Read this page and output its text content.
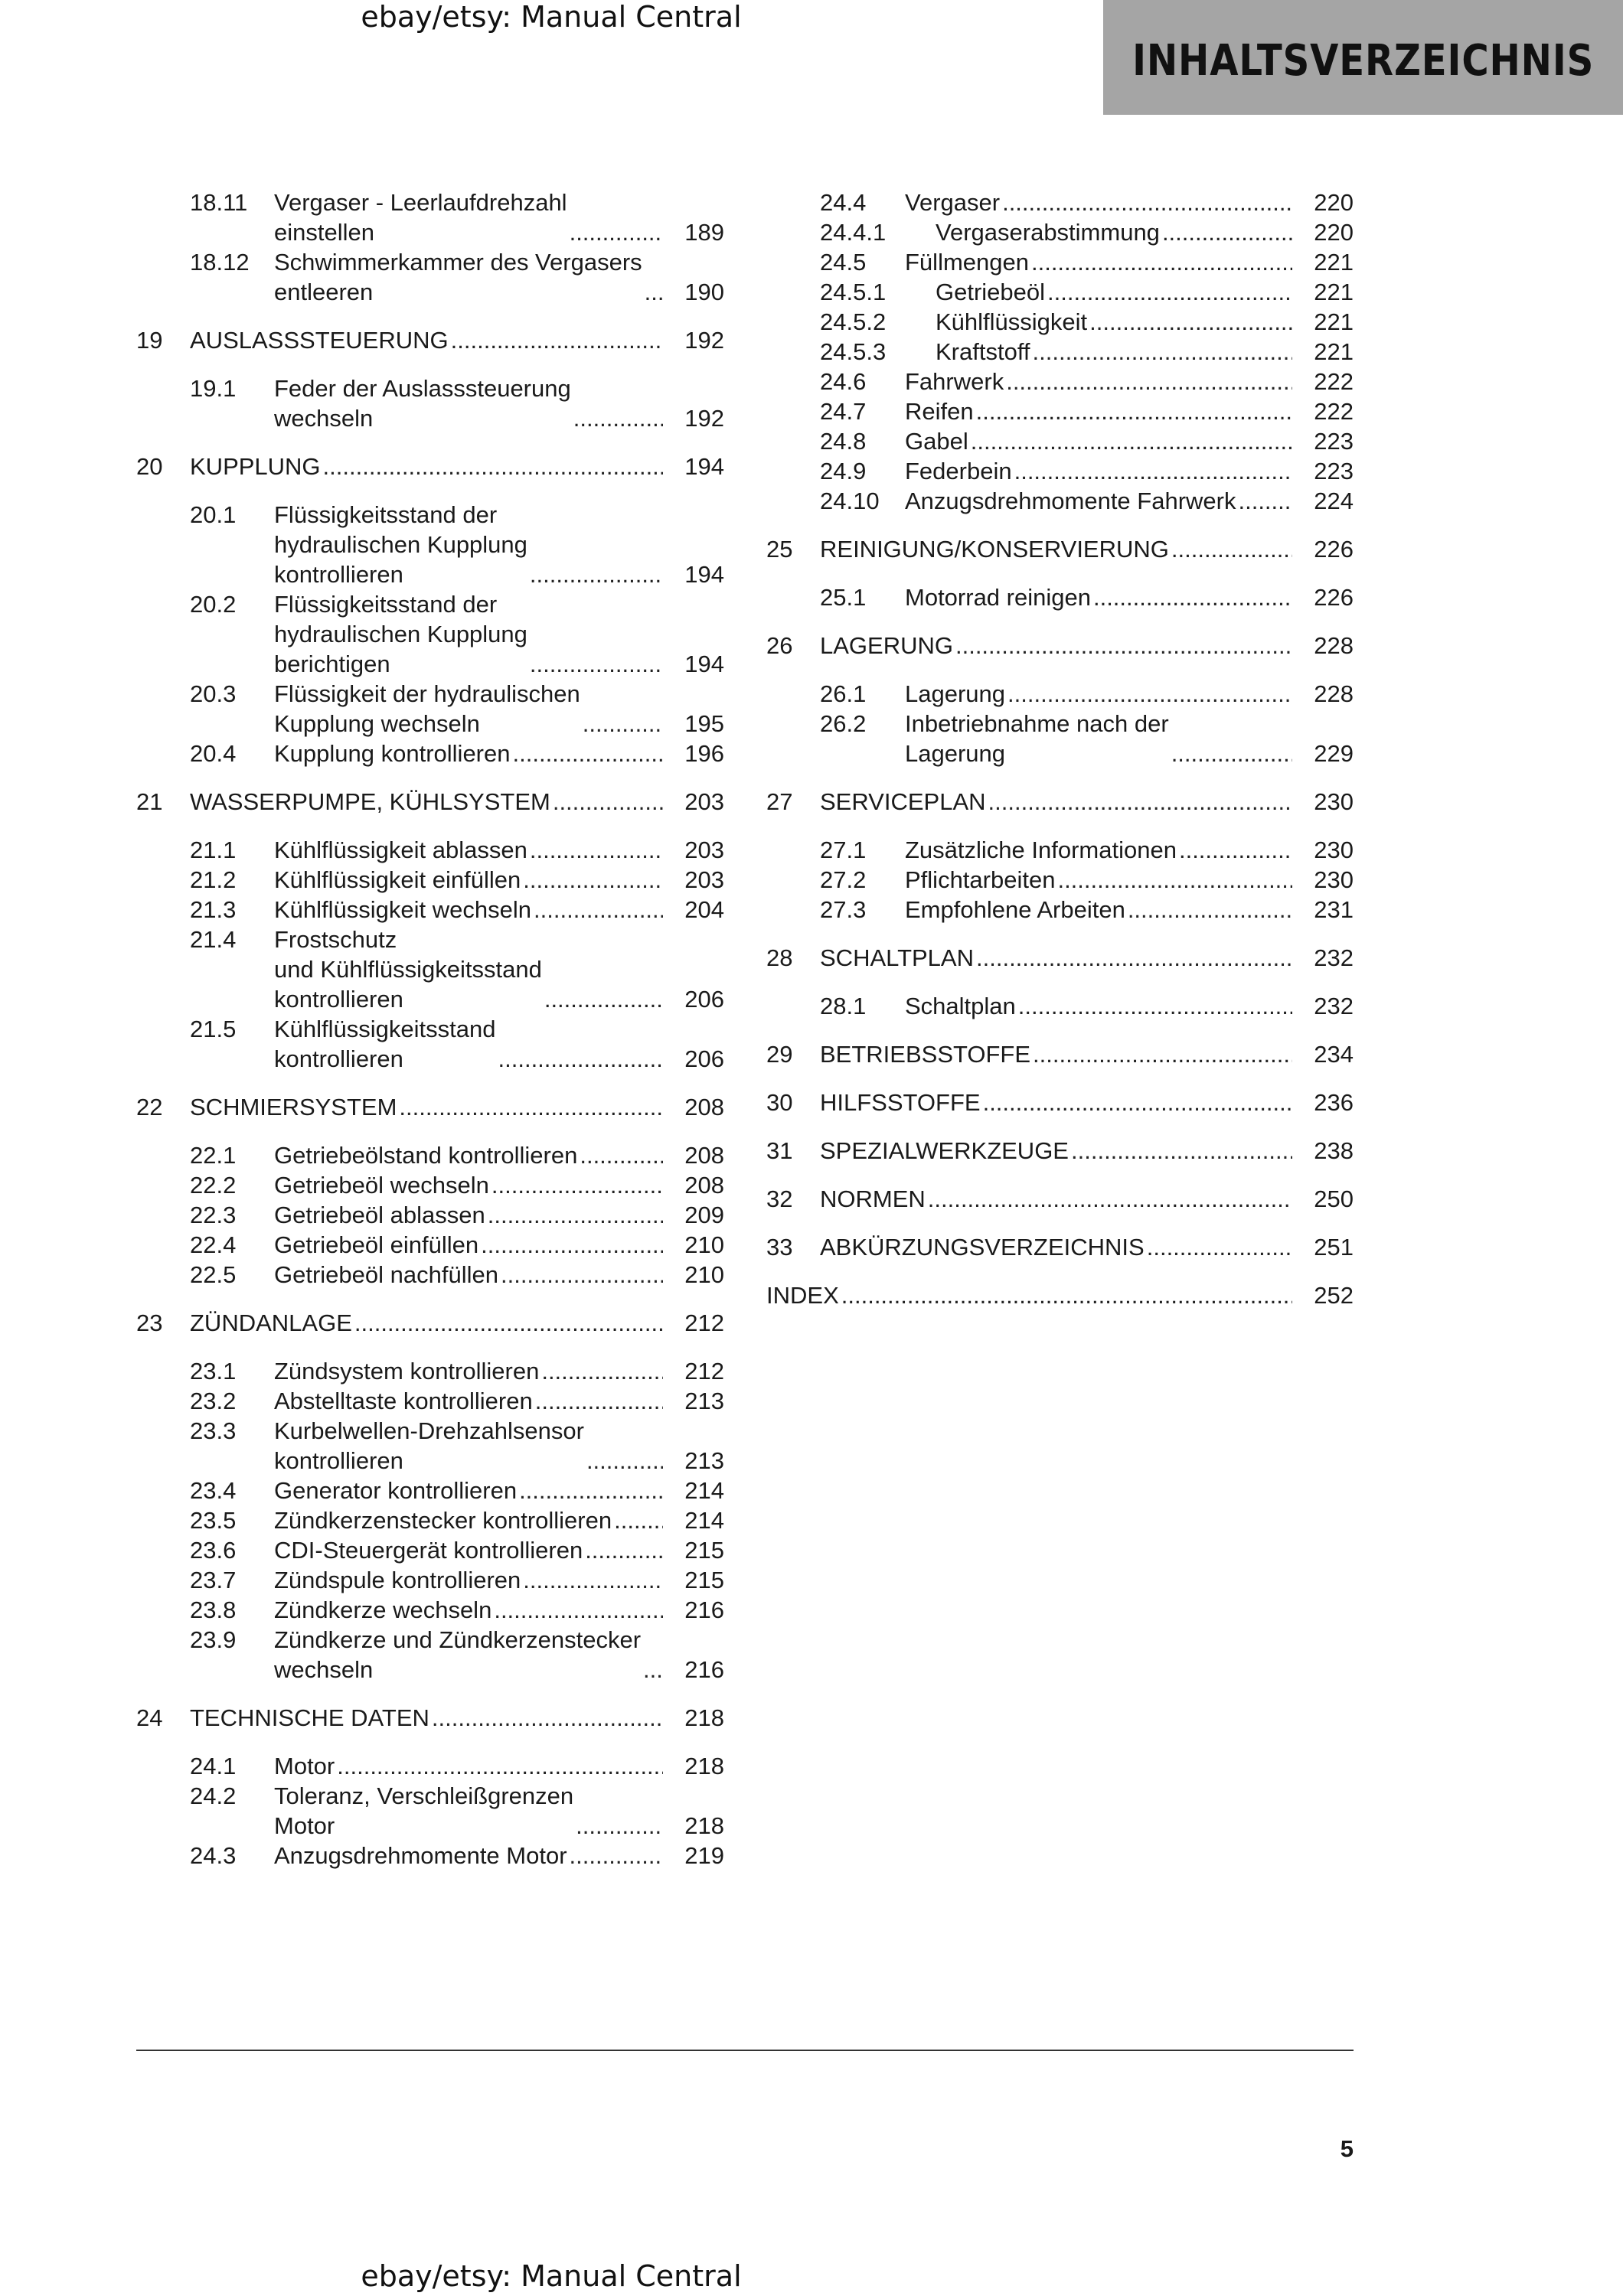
ebay/etsy: Manual Central
INHALTSVERZEICHNIS
18.11 Vergaser - Leerlaufdrehzahl
einstellen .....	189
18.12 Schwimmerkammer des Vergasers
entleeren .....	190
19 AUSLASSSTEUERUNG .....	192
19.1 Feder der Auslasssteuerung
wechseln .....	192
20 KUPPLUNG .....	194
20.1 Flüssigkeitsstand der
hydraulischen Kupplung
kontrollieren .....	194
20.2 Flüssigkeitsstand der
hydraulischen Kupplung
berichtigen .....	194
20.3 Flüssigkeit der hydraulischen
Kupplung wechseln .....	195
20.4 Kupplung kontrollieren .....	196
21 WASSERPUMPE, KÜHLSYSTEM .....	203
21.1 Kühlflüssigkeit ablassen .....	203
21.2 Kühlflüssigkeit einfüllen .....	203
21.3 Kühlflüssigkeit wechseln .....	204
21.4 Frostschutz
und Kühlflüssigkeitsstand
kontrollieren .....	206
21.5 Kühlflüssigkeitsstand
kontrollieren .....	206
22 SCHMIERSYSTEM .....	208
22.1 Getriebeölstand kontrollieren .....	208
22.2 Getriebeöl wechseln .....	208
22.3 Getriebeöl ablassen .....	209
22.4 Getriebeöl einfüllen .....	210
22.5 Getriebeöl nachfüllen .....	210
23 ZÜNDANLAGE .....	212
23.1 Zündsystem kontrollieren .....	212
23.2 Abstelltaste kontrollieren .....	213
23.3 Kurbelwellen-Drehzahlsensor
kontrollieren .....	213
23.4 Generator kontrollieren .....	214
23.5 Zündkerzenstecker kontrollieren .....	214
23.6 CDI-Steuergerät kontrollieren .....	215
23.7 Zündspule kontrollieren .....	215
23.8 Zündkerze wechseln .....	216
23.9 Zündkerze und Zündkerzenstecker
wechseln .....	216
24 TECHNISCHE DATEN .....	218
24.1 Motor .....	218
24.2 Toleranz, Verschleißgrenzen
Motor .....	218
24.3 Anzugsdrehmomente Motor .....	219
24.4 Vergaser .....	220
24.4.1 Vergaserabstimmung .....	220
24.5 Füllmengen .....	221
24.5.1 Getriebeöl .....	221
24.5.2 Kühlflüssigkeit .....	221
24.5.3 Kraftstoff .....	221
24.6 Fahrwerk .....	222
24.7 Reifen .....	222
24.8 Gabel .....	223
24.9 Federbein .....	223
24.10 Anzugsdrehmomente Fahrwerk .....	224
25 REINIGUNG/KONSERVIERUNG .....	226
25.1 Motorrad reinigen .....	226
26 LAGERUNG .....	228
26.1 Lagerung .....	228
26.2 Inbetriebnahme nach der
Lagerung .....	229
27 SERVICEPLAN .....	230
27.1 Zusätzliche Informationen .....	230
27.2 Pflichtarbeiten .....	230
27.3 Empfohlene Arbeiten .....	231
28 SCHALTPLAN .....	232
28.1 Schaltplan .....	232
29 BETRIEBSSTOFFE .....	234
30 HILFSSTOFFE .....	236
31 SPEZIALWERKZEUGE .....	238
32 NORMEN .....	250
33 ABKÜRZUNGSVERZEICHNIS .....	251
INDEX .....	252
5
ebay/etsy: Manual Central
